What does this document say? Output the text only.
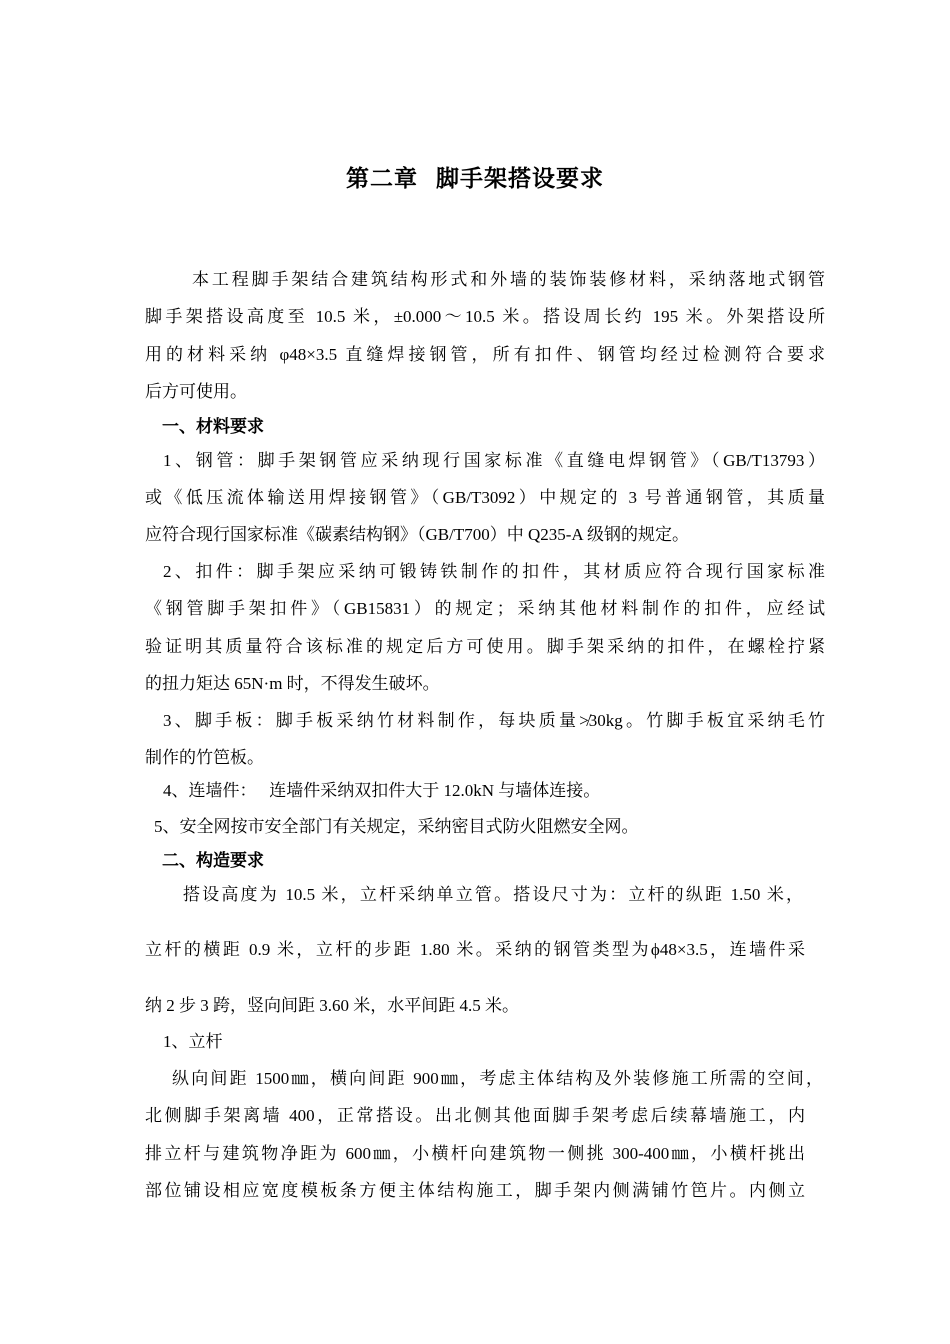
第二章  脚手架搭设要求
本工程脚手架结合建筑结构形式和外墙的装饰装修材料，采纳落地式钢管
脚手架搭设高度至 10.5 米，±0.000～10.5 米。搭设周长约 195 米。外架搭设所
用的材料采纳 φ48×3.5 直缝焊接钢管，所有扣件、钢管均经过检测符合要求
后方可使用。
一、材料要求
1、钢管：脚手架钢管应采纳现行国家标准《直缝电焊钢管》（GB/T13793）
或《低压流体输送用焊接钢管》（GB/T3092）中规定的 3 号普通钢管，其质量
应符合现行国家标准《碳素结构钢》（GB/T700）中 Q235-A 级钢的规定。
2、扣件：脚手架应采纳可锻铸铁制作的扣件，其材质应符合现行国家标准
《钢管脚手架扣件》（GB15831）的规定；采纳其他材料制作的扣件，应经试
验证明其质量符合该标准的规定后方可使用。脚手架采纳的扣件，在螺栓拧紧
的扭力矩达 65N·m 时，不得发生破坏。
3、脚手板：脚手板采纳竹材料制作，每块质量≯30kg。竹脚手板宜采纳毛竹
制作的竹笆板。
4、连墙件：   连墙件采纳双扣件大于 12.0kN 与墙体连接。
5、安全网按市安全部门有关规定，采纳密目式防火阻燃安全网。
二、构造要求
搭设高度为 10.5 米，立杆采纳单立管。搭设尺寸为：立杆的纵距 1.50 米，
立杆的横距 0.9 米，立杆的步距 1.80 米。采纳的钢管类型为ϕ48×3.5，连墙件采
纳 2 步 3 跨，竖向间距 3.60 米，水平间距 4.5 米。
1、立杆
纵向间距 1500㎜，横向间距 900㎜，考虑主体结构及外装修施工所需的空间，
北侧脚手架离墙 400，正常搭设。出北侧其他面脚手架考虑后续幕墙施工，内
排立杆与建筑物净距为 600㎜，小横杆向建筑物一侧挑 300-400㎜，小横杆挑出
部位铺设相应宽度模板条方便主体结构施工，脚手架内侧满铺竹笆片。内侧立
